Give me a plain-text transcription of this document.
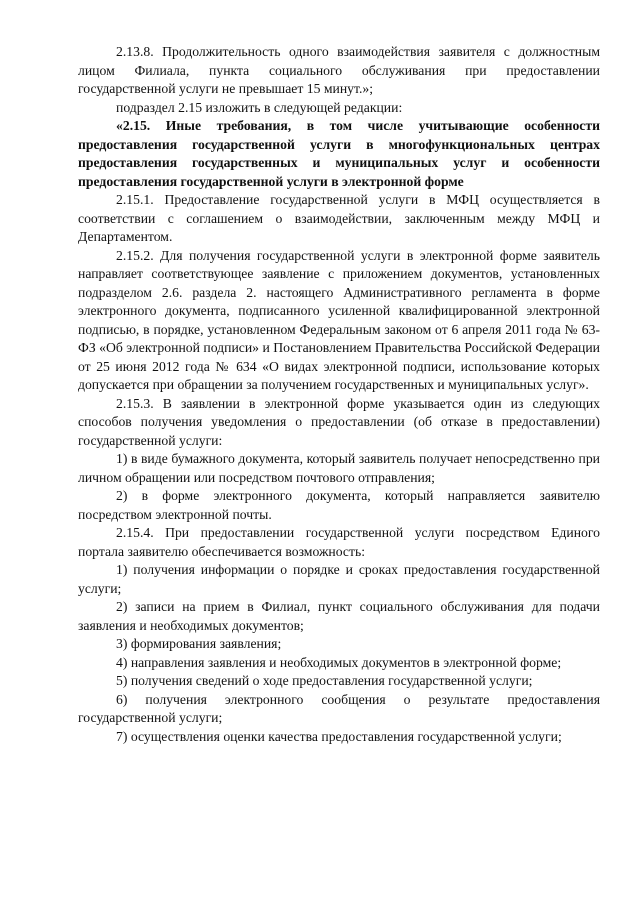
2.13.8. Продолжительность одного взаимодействия заявителя с должностным лицом Филиала, пункта социального обслуживания при предоставлении государственной услуги не превышает 15 минут.»;

подраздел 2.15 изложить в следующей редакции:

«2.15. Иные требования, в том числе учитывающие особенности предоставления государственной услуги в многофункциональных центрах предоставления государственных и муниципальных услуг и особенности предоставления государственной услуги в электронной форме

2.15.1. Предоставление государственной услуги в МФЦ осуществляется в соответствии с соглашением о взаимодействии, заключенным между МФЦ и Департаментом.

2.15.2. Для получения государственной услуги в электронной форме заявитель направляет соответствующее заявление с приложением документов, установленных подразделом 2.6. раздела 2. настоящего Административного регламента в форме электронного документа, подписанного усиленной квалифицированной электронной подписью, в порядке, установленном Федеральным законом от 6 апреля 2011 года № 63-ФЗ «Об электронной подписи» и Постановлением Правительства Российской Федерации от 25 июня 2012 года № 634 «О видах электронной подписи, использование которых допускается при обращении за получением государственных и муниципальных услуг».

2.15.3. В заявлении в электронной форме указывается один из следующих способов получения уведомления о предоставлении (об отказе в предоставлении) государственной услуги:

1) в виде бумажного документа, который заявитель получает непосредственно при личном обращении или посредством почтового отправления;

2) в форме электронного документа, который направляется заявителю посредством электронной почты.

2.15.4. При предоставлении государственной услуги посредством Единого портала заявителю обеспечивается возможность:

1) получения информации о порядке и сроках предоставления государственной услуги;

2) записи на прием в Филиал, пункт социального обслуживания для подачи заявления и необходимых документов;

3) формирования заявления;

4) направления заявления и необходимых документов в электронной форме;

5) получения сведений о ходе предоставления государственной услуги;

6) получения электронного сообщения о результате предоставления государственной услуги;

7) осуществления оценки качества предоставления государственной услуги;
